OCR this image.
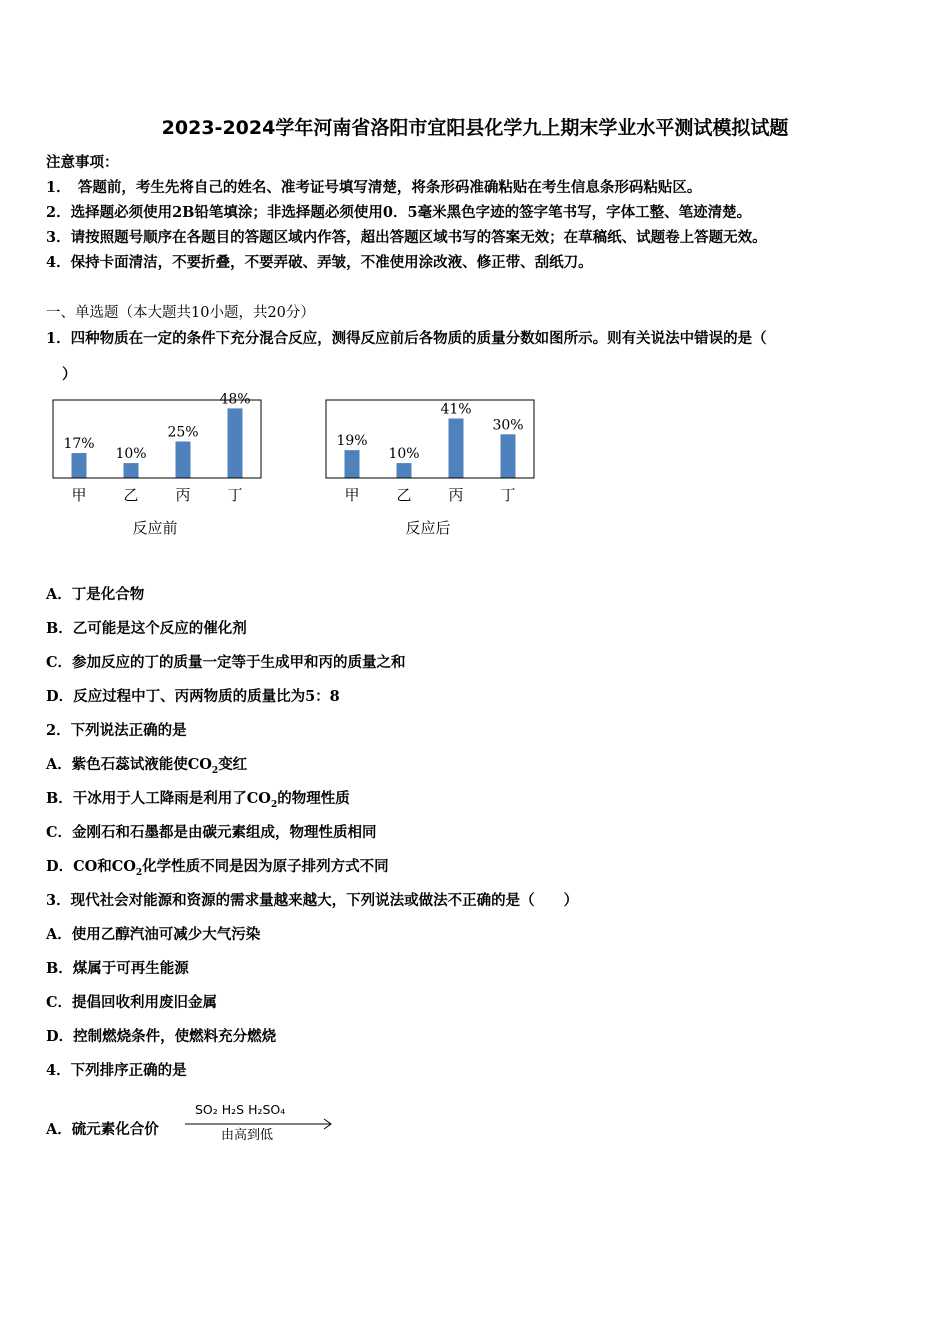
2023-2024学年河南省洛阳市宜阳县化学九上期末学业水平测试模拟试题
注意事项：
1．　答题前，考生先将自己的姓名、准考证号填写清楚，将条形码准确粘贴在考生信息条形码粘贴区。
2．选择题必须使用2B铅笔填涂；非选择题必须使用0．5毫米黑色字迹的签字笔书写，字体工整、笔迹清楚。
3．请按照题号顺序在各题目的答题区域内作答，超出答题区域书写的答案无效；在草稿纸、试题卷上答题无效。
4．保持卡面清洁，不要折叠，不要弄破、弄皱，不准使用涂改液、修正带、刮纸刀。
一、单选题（本大题共10小题，共20分）
1．四种物质在一定的条件下充分混合反应，测得反应前后各物质的质量分数如图所示。则有关说法中错误的是（
）
17%
甲
10%
乙
25%
丙
48%
丁
反应前
19%
甲
10%
乙
41%
丙
30%
丁
反应后
A．丁是化合物
B．乙可能是这个反应的催化剂
C．参加反应的丁的质量一定等于生成甲和丙的质量之和
D．反应过程中丁、丙两物质的质量比为5：8
2．下列说法正确的是
A．紫色石蕊试液能使$CO_2$变红
B．干冰用于人工降雨是利用了$CO_2$的物理性质
C．金刚石和石墨都是由碳元素组成，物理性质相同
D．CO和$CO_2$化学性质不同是因为原子排列方式不同
3．现代社会对能源和资源的需求量越来越大，下列说法或做法不正确的是（　　）
A．使用乙醇汽油可减少大气污染
B．煤属于可再生能源
C．提倡回收利用废旧金属
D．控制燃烧条件，使燃料充分燃烧
4．下列排序正确的是
A．硫元素化合价
SO₂ H₂S H₂SO₄
由高到低
